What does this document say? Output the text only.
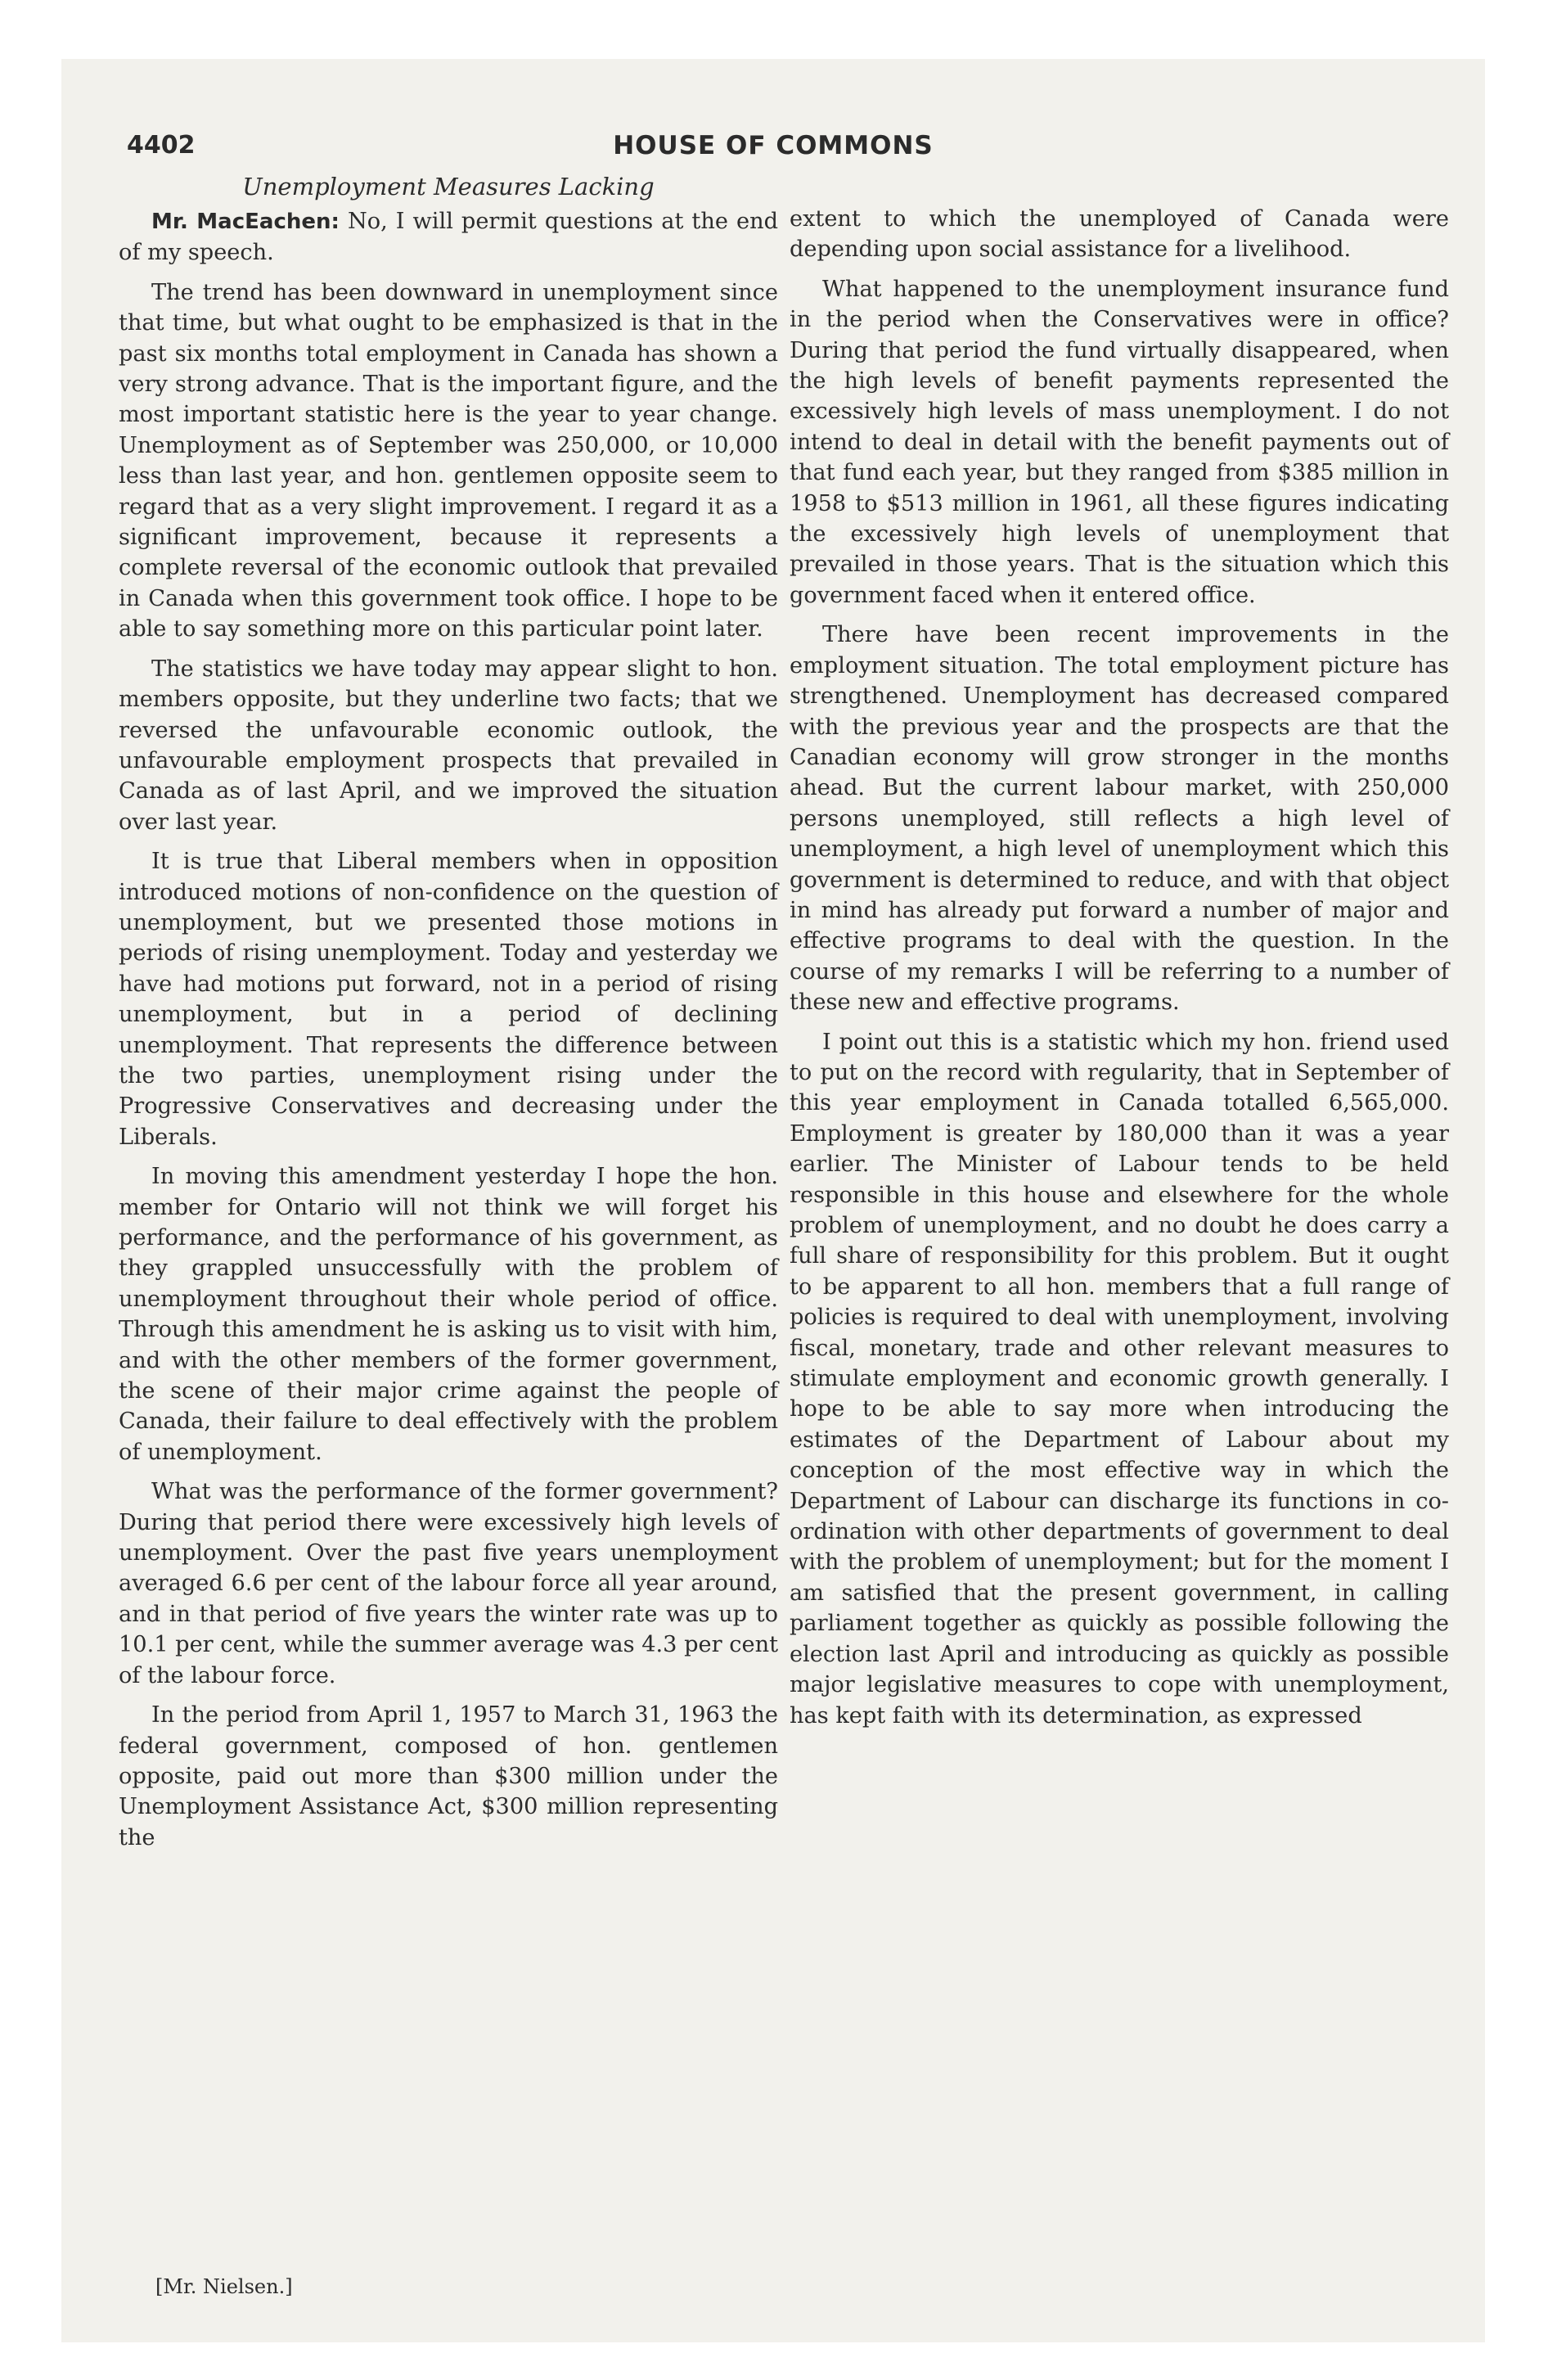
4402	HOUSE OF COMMONS
Unemployment Measures Lacking

Mr. MacEachen: No, I will permit questions at the end of my speech.

The trend has been downward in unemployment since that time, but what ought to be emphasized is that in the past six months total employment in Canada has shown a very strong advance. That is the important figure, and the most important statistic here is the year to year change. Unemployment as of September was 250,000, or 10,000 less than last year, and hon. gentlemen opposite seem to regard that as a very slight improvement. I regard it as a significant improvement, because it represents a complete reversal of the economic outlook that prevailed in Canada when this government took office. I hope to be able to say something more on this particular point later.

The statistics we have today may appear slight to hon. members opposite, but they underline two facts; that we reversed the unfavourable economic outlook, the unfavourable employment prospects that prevailed in Canada as of last April, and we improved the situation over last year.

It is true that Liberal members when in opposition introduced motions of non-confidence on the question of unemployment, but we presented those motions in periods of rising unemployment. Today and yesterday we have had motions put forward, not in a period of rising unemployment, but in a period of declining unemployment. That represents the difference between the two parties, unemployment rising under the Progressive Conservatives and decreasing under the Liberals.

In moving this amendment yesterday I hope the hon. member for Ontario will not think we will forget his performance, and the performance of his government, as they grappled unsuccessfully with the problem of unemployment throughout their whole period of office. Through this amendment he is asking us to visit with him, and with the other members of the former government, the scene of their major crime against the people of Canada, their failure to deal effectively with the problem of unemployment.

What was the performance of the former government? During that period there were excessively high levels of unemployment. Over the past five years unemployment averaged 6.6 per cent of the labour force all year around, and in that period of five years the winter rate was up to 10.1 per cent, while the summer average was 4.3 per cent of the labour force.

In the period from April 1, 1957 to March 31, 1963 the federal government, composed of hon. gentlemen opposite, paid out more than $300 million under the Unemployment Assistance Act, $300 million representing the

extent to which the unemployed of Canada were depending upon social assistance for a livelihood.

What happened to the unemployment insurance fund in the period when the Conservatives were in office? During that period the fund virtually disappeared, when the high levels of benefit payments represented the excessively high levels of mass unemployment. I do not intend to deal in detail with the benefit payments out of that fund each year, but they ranged from $385 million in 1958 to $513 million in 1961, all these figures indicating the excessively high levels of unemployment that prevailed in those years. That is the situation which this government faced when it entered office.

There have been recent improvements in the employment situation. The total employment picture has strengthened. Unemployment has decreased compared with the previous year and the prospects are that the Canadian economy will grow stronger in the months ahead. But the current labour market, with 250,000 persons unemployed, still reflects a high level of unemployment, a high level of unemployment which this government is determined to reduce, and with that object in mind has already put forward a number of major and effective programs to deal with the question. In the course of my remarks I will be referring to a number of these new and effective programs.

I point out this is a statistic which my hon. friend used to put on the record with regularity, that in September of this year employment in Canada totalled 6,565,000. Employment is greater by 180,000 than it was a year earlier. The Minister of Labour tends to be held responsible in this house and elsewhere for the whole problem of unemployment, and no doubt he does carry a full share of responsibility for this problem. But it ought to be apparent to all hon. members that a full range of policies is required to deal with unemployment, involving fiscal, monetary, trade and other relevant measures to stimulate employment and economic growth generally. I hope to be able to say more when introducing the estimates of the Department of Labour about my conception of the most effective way in which the Department of Labour can discharge its functions in co-ordination with other departments of government to deal with the problem of unemployment; but for the moment I am satisfied that the present government, in calling parliament together as quickly as possible following the election last April and introducing as quickly as possible major legislative measures to cope with unemployment, has kept faith with its determination, as expressed

[Mr. Nielsen.]
